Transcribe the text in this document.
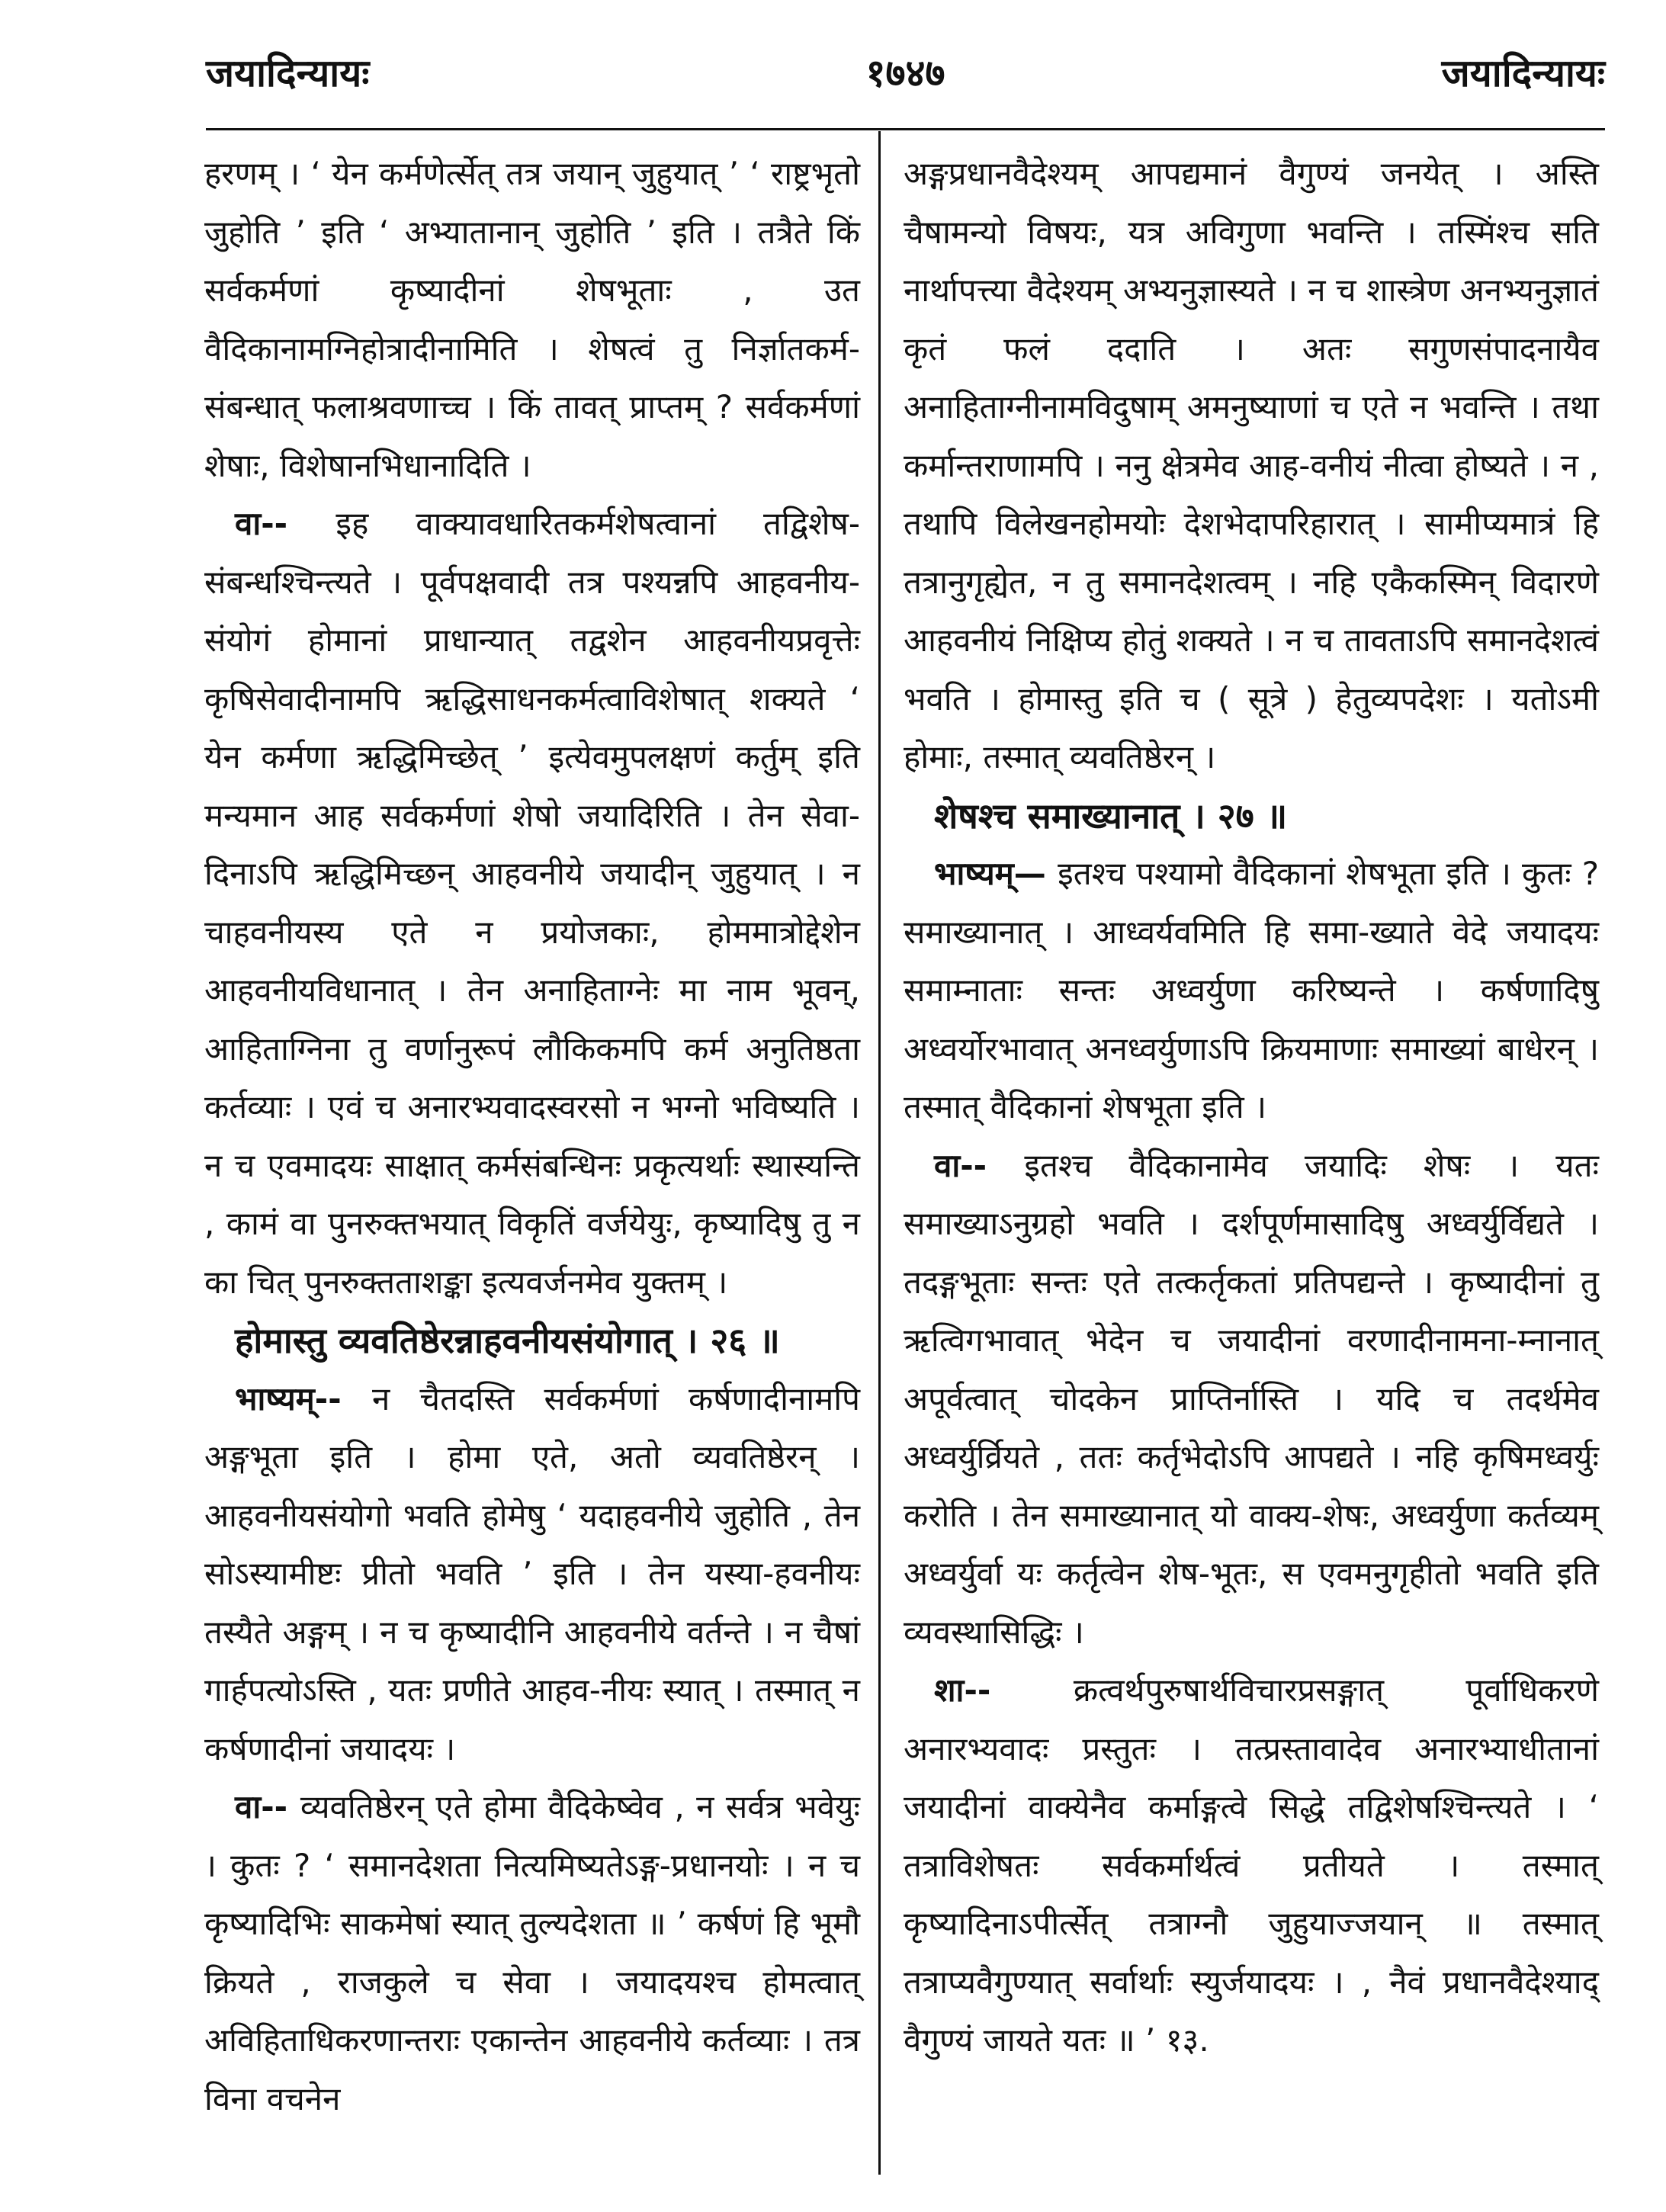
जयादिन्यायः	१७४७	जयादिन्यायः

हरणम् । ‘ येन कर्मणेर्त्सेत् तत्र जयान् जुहुयात् ’ ‘ राष्ट्रभृतो जुहोति ’ इति ‘ अभ्यातानान् जुहोति ’ इति । तत्रैते किं सर्वकर्मणां कृष्यादीनां शेषभूताः , उत वैदिकानामग्निहोत्रादीनामिति । शेषत्वं तु निर्ज्ञातकर्म-संबन्धात् फलाश्रवणाच्च । किं तावत् प्राप्तम् ? सर्वकर्मणां शेषाः, विशेषानभिधानादिति ।

वा-- इह वाक्यावधारितकर्मशेषत्वानां तद्विशेष-संबन्धश्चिन्त्यते । पूर्वपक्षवादी तत्र पश्यन्नपि आहवनीय-संयोगं होमानां प्राधान्यात् तद्वशेन आहवनीयप्रवृत्तेः कृषिसेवादीनामपि ऋद्धिसाधनकर्मत्वाविशेषात् शक्यते ‘ येन कर्मणा ऋद्धिमिच्छेत् ’ इत्येवमुपलक्षणं कर्तुम् इति मन्यमान आह सर्वकर्मणां शेषो जयादिरिति । तेन सेवा-दिनाऽपि ऋद्धिमिच्छन् आहवनीये जयादीन् जुहुयात् । न चाहवनीयस्य एते न प्रयोजकाः, होममात्रोद्देशेन आहवनीयविधानात् । तेन अनाहिताग्नेः मा नाम भूवन्, आहिताग्निना तु वर्णानुरूपं लौकिकमपि कर्म अनुतिष्ठता कर्तव्याः । एवं च अनारभ्यवादस्वरसो न भग्नो भविष्यति । न च एवमादयः साक्षात् कर्मसंबन्धिनः प्रकृत्यर्थाः स्थास्यन्ति , कामं वा पुनरुक्तभयात् विकृतिं वर्जयेयुः, कृष्यादिषु तु न का चित् पुनरुक्तताशङ्का इत्यवर्जनमेव युक्तम् ।

होमास्तु व्यवतिष्ठेरन्नाहवनीयसंयोगात् । २६ ॥

भाष्यम्-- न चैतदस्ति सर्वकर्मणां कर्षणादीनामपि अङ्गभूता इति । होमा एते, अतो व्यवतिष्ठेरन् । आहवनीयसंयोगो भवति होमेषु ‘ यदाहवनीये जुहोति , तेन सोऽस्यामीष्टः प्रीतो भवति ’ इति । तेन यस्या-हवनीयः तस्यैते अङ्गम् । न च कृष्यादीनि आहवनीये वर्तन्ते । न चैषां गार्हपत्योऽस्ति , यतः प्रणीते आहव-नीयः स्यात् । तस्मात् न कर्षणादीनां जयादयः ।

वा-- व्यवतिष्ठेरन् एते होमा वैदिकेष्वेव , न सर्वत्र भवेयुः । कुतः ? ‘ समानदेशता नित्यमिष्यतेऽङ्ग-प्रधानयोः । न च कृष्यादिभिः साकमेषां स्यात् तुल्यदेशता ॥ ’ कर्षणं हि भूमौ क्रियते , राजकुले च सेवा । जयादयश्च होमत्वात् अविहिताधिकरणान्तराः एकान्तेन आहवनीये कर्तव्याः । तत्र विना वचनेन

अङ्गप्रधानवैदेश्यम् आपद्यमानं वैगुण्यं जनयेत् । अस्ति चैषामन्यो विषयः, यत्र अविगुणा भवन्ति । तस्मिंश्च सति नार्थापत्त्या वैदेश्यम् अभ्यनुज्ञास्यते । न च शास्त्रेण अनभ्यनुज्ञातं कृतं फलं ददाति । अतः सगुणसंपादनायैव अनाहिताग्नीनामविदुषाम् अमनुष्याणां च एते न भवन्ति । तथा कर्मान्तराणामपि । ननु क्षेत्रमेव आह-वनीयं नीत्वा होष्यते । न , तथापि विलेखनहोमयोः देशभेदापरिहारात् । सामीप्यमात्रं हि तत्रानुगृह्येत, न तु समानदेशत्वम् । नहि एकैकस्मिन् विदारणे आहवनीयं निक्षिप्य होतुं शक्यते । न च तावताऽपि समानदेशत्वं भवति । होमास्तु इति च ( सूत्रे ) हेतुव्यपदेशः । यतोऽमी होमाः, तस्मात् व्यवतिष्ठेरन् ।

शेषश्च समाख्यानात् । २७ ॥

भाष्यम्— इतश्च पश्यामो वैदिकानां शेषभूता इति । कुतः ? समाख्यानात् । आध्वर्यवमिति हि समा-ख्याते वेदे जयादयः समाम्नाताः सन्तः अध्वर्युणा करिष्यन्ते । कर्षणादिषु अध्वर्योरभावात् अनध्वर्युणाऽपि क्रियमाणाः समाख्यां बाधेरन् । तस्मात् वैदिकानां शेषभूता इति ।

वा-- इतश्च वैदिकानामेव जयादिः शेषः । यतः समाख्याऽनुग्रहो भवति । दर्शपूर्णमासादिषु अध्वर्युर्विद्यते । तदङ्गभूताः सन्तः एते तत्कर्तृकतां प्रतिपद्यन्ते । कृष्यादीनां तु ऋत्विगभावात् भेदेन च जयादीनां वरणादीनामना-म्नानात् अपूर्वत्वात् चोदकेन प्राप्तिर्नास्ति । यदि च तदर्थमेव अध्वर्युर्व्रियते , ततः कर्तृभेदोऽपि आपद्यते । नहि कृषिमध्वर्युः करोति । तेन समाख्यानात् यो वाक्य-शेषः, अध्वर्युणा कर्तव्यम् अध्वर्युर्वा यः कर्तृत्वेन शेष-भूतः, स एवमनुगृहीतो भवति इति व्यवस्थासिद्धिः ।

शा-- क्रत्वर्थपुरुषार्थविचारप्रसङ्गात् पूर्वाधिकरणे अनारभ्यवादः प्रस्तुतः । तत्प्रस्तावादेव अनारभ्याधीतानां जयादीनां वाक्येनैव कर्माङ्गत्वे सिद्धे तद्विशेषश्चिन्त्यते । ‘ तत्राविशेषतः सर्वकर्मार्थत्वं प्रतीयते । तस्मात् कृष्यादिनाऽपीर्त्सेत् तत्राग्नौ जुहुयाज्जयान् ॥ तस्मात् तत्राप्यवैगुण्यात् सर्वार्थाः स्युर्जयादयः । , नैवं प्रधानवैदेश्याद् वैगुण्यं जायते यतः ॥ ’ १३.
